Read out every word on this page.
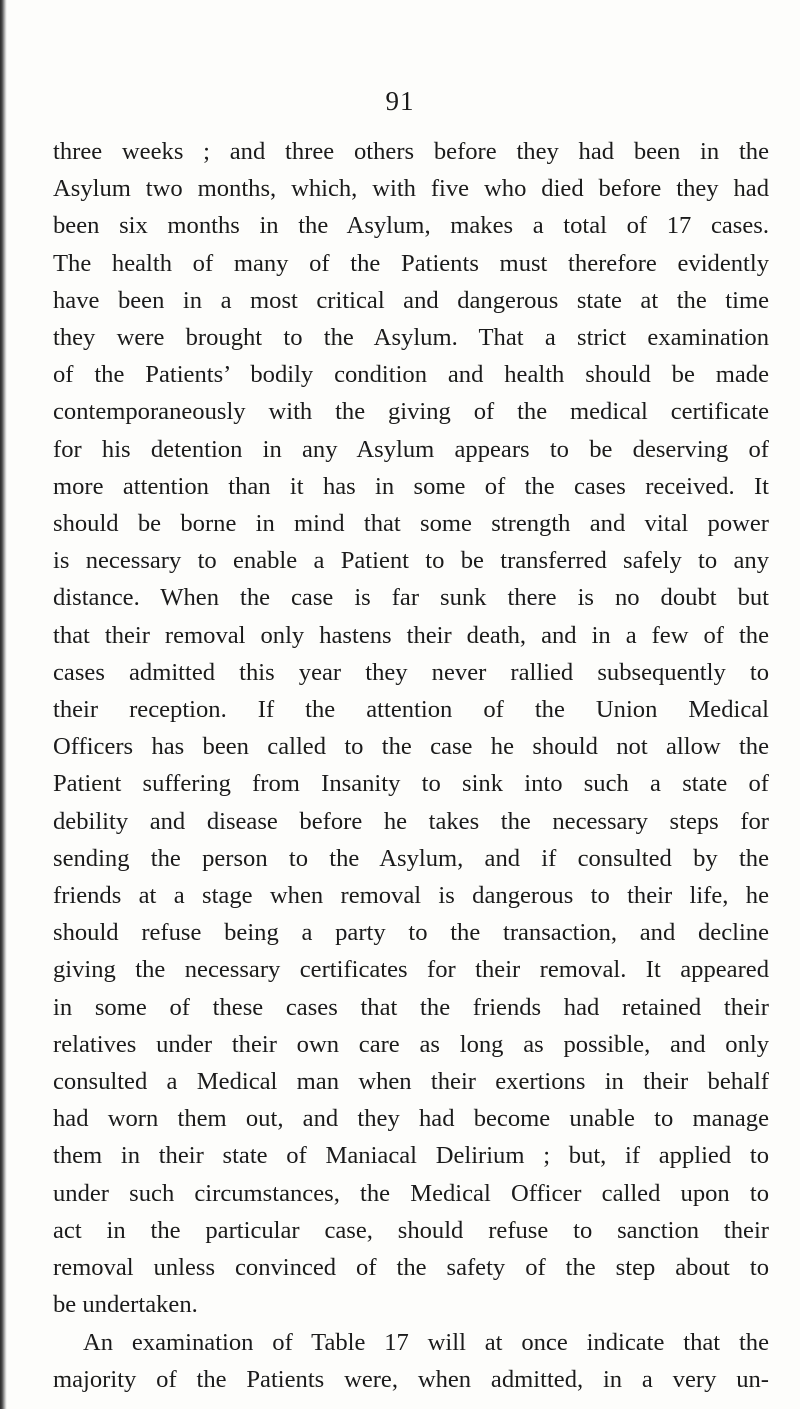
91
three weeks ; and three others before they had been in the
Asylum two months, which, with five who died before they had
been six months in the Asylum, makes a total of 17 cases.
The health of many of the Patients must therefore evidently
have been in a most critical and dangerous state at the time
they were brought to the Asylum. That a strict examination
of the Patients’ bodily condition and health should be made
contemporaneously with the giving of the medical certificate
for his detention in any Asylum appears to be deserving of
more attention than it has in some of the cases received. It
should be borne in mind that some strength and vital power
is necessary to enable a Patient to be transferred safely to any
distance. When the case is far sunk there is no doubt but
that their removal only hastens their death, and in a few of the
cases admitted this year they never rallied subsequently to
their reception. If the attention of the Union Medical
Officers has been called to the case he should not allow the
Patient suffering from Insanity to sink into such a state of
debility and disease before he takes the necessary steps for
sending the person to the Asylum, and if consulted by the
friends at a stage when removal is dangerous to their life, he
should refuse being a party to the transaction, and decline
giving the necessary certificates for their removal. It appeared
in some of these cases that the friends had retained their
relatives under their own care as long as possible, and only
consulted a Medical man when their exertions in their behalf
had worn them out, and they had become unable to manage
them in their state of Maniacal Delirium ; but, if applied to
under such circumstances, the Medical Officer called upon to
act in the particular case, should refuse to sanction their
removal unless convinced of the safety of the step about to
be undertaken.
An examination of Table 17 will at once indicate that the
majority of the Patients were, when admitted, in a very un-
